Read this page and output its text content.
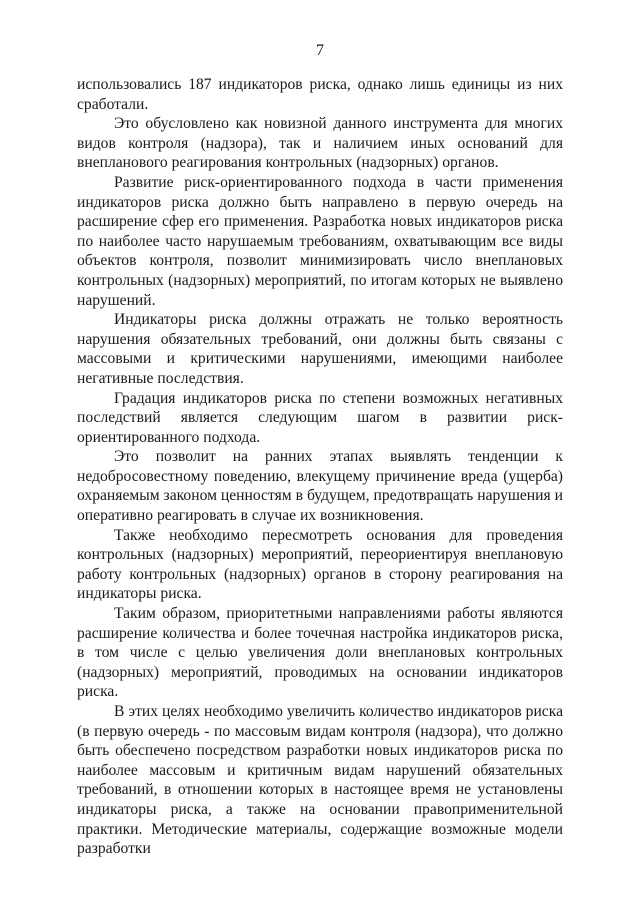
7

использовались 187 индикаторов риска, однако лишь единицы из них сработали.

Это обусловлено как новизной данного инструмента для многих видов контроля (надзора), так и наличием иных оснований для внепланового реагирования контрольных (надзорных) органов.

Развитие риск-ориентированного подхода в части применения индикаторов риска должно быть направлено в первую очередь на расширение сфер его применения. Разработка новых индикаторов риска по наиболее часто нарушаемым требованиям, охватывающим все виды объектов контроля, позволит минимизировать число внеплановых контрольных (надзорных) мероприятий, по итогам которых не выявлено нарушений.

Индикаторы риска должны отражать не только вероятность нарушения обязательных требований, они должны быть связаны с массовыми и критическими нарушениями, имеющими наиболее негативные последствия.

Градация индикаторов риска по степени возможных негативных последствий является следующим шагом в развитии риск-ориентированного подхода.

Это позволит на ранних этапах выявлять тенденции к недобросовестному поведению, влекущему причинение вреда (ущерба) охраняемым законом ценностям в будущем, предотвращать нарушения и оперативно реагировать в случае их возникновения.

Также необходимо пересмотреть основания для проведения контрольных (надзорных) мероприятий, переориентируя внеплановую работу контрольных (надзорных) органов в сторону реагирования на индикаторы риска.

Таким образом, приоритетными направлениями работы являются расширение количества и более точечная настройка индикаторов риска, в том числе с целью увеличения доли внеплановых контрольных (надзорных) мероприятий, проводимых на основании индикаторов риска.

В этих целях необходимо увеличить количество индикаторов риска (в первую очередь - по массовым видам контроля (надзора), что должно быть обеспечено посредством разработки новых индикаторов риска по наиболее массовым и критичным видам нарушений обязательных требований, в отношении которых в настоящее время не установлены индикаторы риска, а также на основании правоприменительной практики. Методические материалы, содержащие возможные модели разработки
